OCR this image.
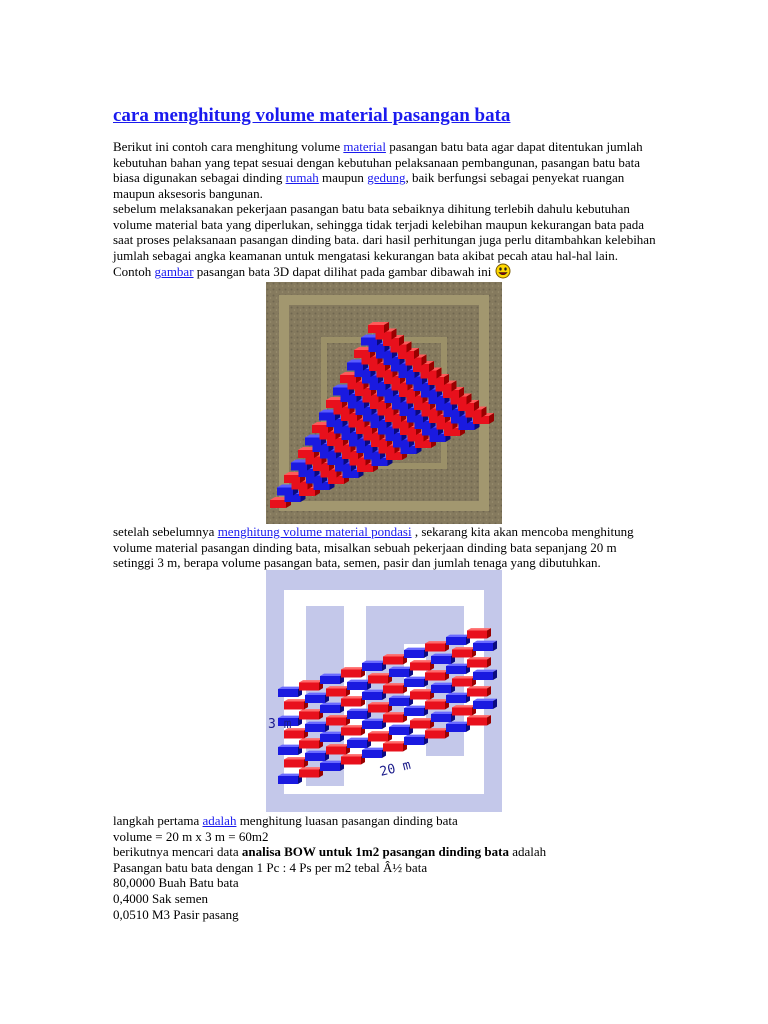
cara menghitung volume material pasangan bata

Berikut ini contoh cara menghitung volume material pasangan batu bata agar dapat ditentukan jumlah kebutuhan bahan yang tepat sesuai dengan kebutuhan pelaksanaan pembangunan, pasangan batu bata biasa digunakan sebagai dinding rumah maupun gedung, baik berfungsi sebagai penyekat ruangan maupun aksesoris bangunan.

sebelum melaksanakan pekerjaan pasangan batu bata sebaiknya dihitung terlebih dahulu kebutuhan volume material bata yang diperlukan, sehingga tidak terjadi kelebihan maupun kekurangan bata pada saat proses pelaksanaan pasangan dinding bata. dari hasil perhitungan juga perlu ditambahkan kelebihan jumlah sebagai angka keamanan untuk mengatasi kekurangan bata akibat pecah atau hal-hal lain. Contoh gambar pasangan bata 3D dapat dilihat pada gambar dibawah ini

setelah sebelumnya menghitung volume material pondasi , sekarang kita akan mencoba menghitung volume material pasangan dinding bata, misalkan sebuah pekerjaan dinding bata sepanjang 20 m setinggi 3 m, berapa volume pasangan bata, semen, pasir dan jumlah tenaga yang dibutuhkan.

3 m
20 m
langkah pertama adalah menghitung luasan pasangan dinding bata
volume = 20 m x 3 m = 60m2
berikutnya mencari data analisa BOW untuk 1m2 pasangan dinding bata adalah
Pasangan batu bata dengan 1 Pc : 4 Ps per m2 tebal Â½ bata
80,0000 Buah Batu bata
0,4000 Sak semen
0,0510 M3 Pasir pasang
